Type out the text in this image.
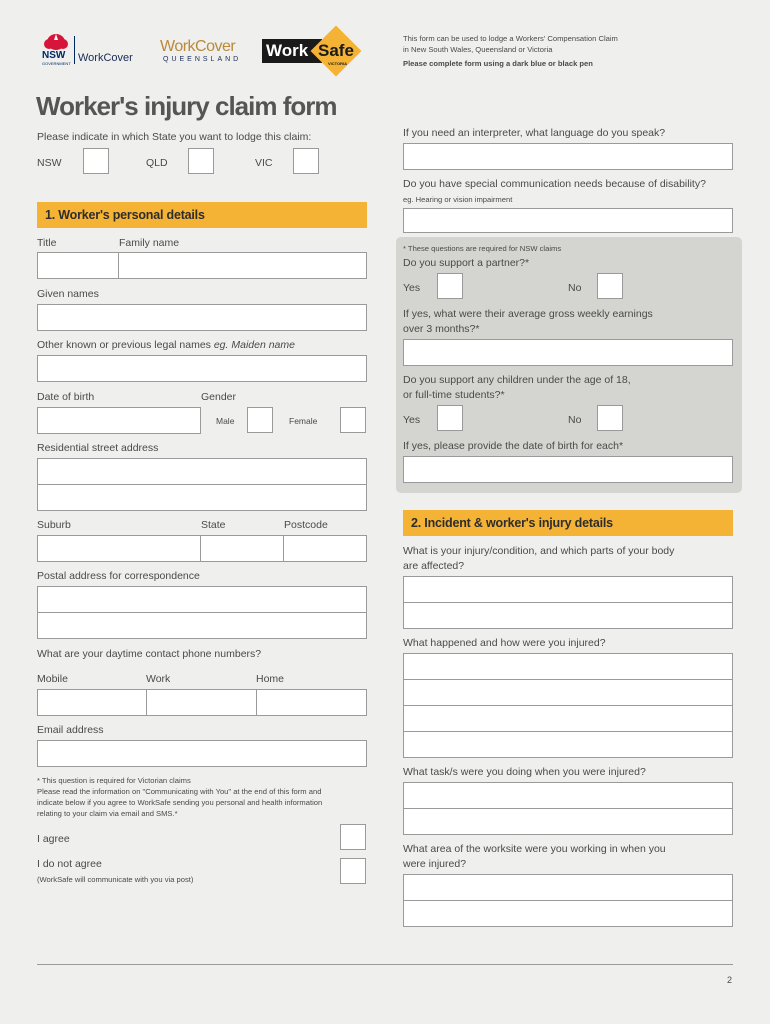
NSW
GOVERNMENT WorkCover
WorkCover
QUEENSLAND Work Safe
VICTORIA
This form can be used to lodge a Workers' Compensation Claim
in New South Wales, Queensland or Victoria
Please complete form using a dark blue or black pen
Worker's injury claim form
Please indicate in which State you want to lodge this claim:
NSW	QLD	VIC
1. Worker's personal details
Title	Family name
Given names
Other known or previous legal names eg. Maiden name
Date of birth	Gender
Male	Female
Residential street address
Suburb	State	Postcode
Postal address for correspondence
What are your daytime contact phone numbers?
Mobile	Work	Home
Email address
* This question is required for Victorian claims
Please read the information on "Communicating with You" at the end of this form and
indicate below if you agree to WorkSafe sending you personal and health information
relating to your claim via email and SMS.*
I agree
I do not agree
(WorkSafe will communicate with you via post)
If you need an interpreter, what language do you speak?
Do you have special communication needs because of disability?
eg. Hearing or vision impairment
* These questions are required for NSW claims
Do you support a partner?*
Yes	No
If yes, what were their average gross weekly earnings
over 3 months?*
Do you support any children under the age of 18,
or full-time students?*
Yes	No
If yes, please provide the date of birth for each*
2. Incident & worker's injury details
What is your injury/condition, and which parts of your body
are affected?
What happened and how were you injured?
What task/s were you doing when you were injured?
What area of the worksite were you working in when you
were injured?
2
